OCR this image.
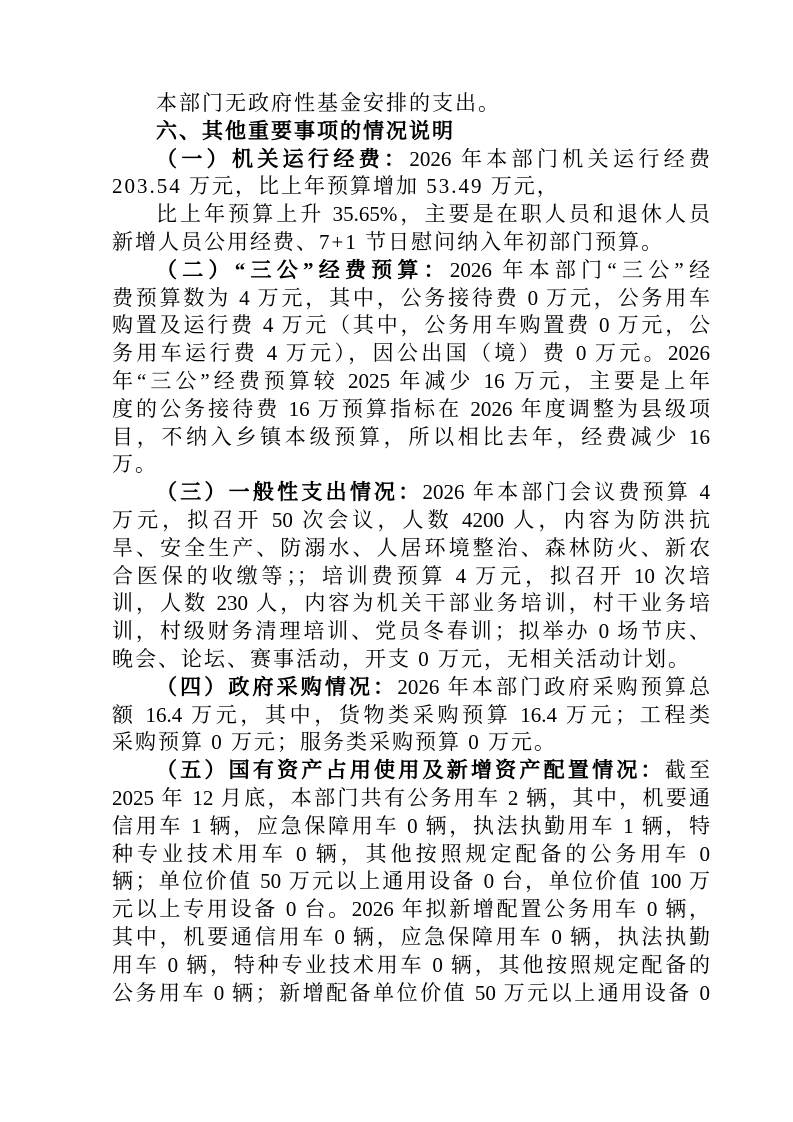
本部门无政府性基金安排的支出。
六、其他重要事项的情况说明
（一）机关运行经费：2026 年本部门机关运行经费
203.54 万元，比上年预算增加 53.49 万元，
比上年预算上升 35.65%，主要是在职人员和退休人员
新增人员公用经费、7+1 节日慰问纳入年初部门预算。
（二）“三公”经费预算：2026 年本部门“三公”经
费预算数为 4 万元，其中，公务接待费 0 万元，公务用车
购置及运行费 4 万元（其中，公务用车购置费 0 万元，公
务用车运行费 4 万元），因公出国（境）费 0 万元。2026
年“三公”经费预算较 2025 年减少 16 万元，主要是上年
度的公务接待费 16 万预算指标在 2026 年度调整为县级项
目，不纳入乡镇本级预算，所以相比去年，经费减少 16
万。
（三）一般性支出情况：2026 年本部门会议费预算 4
万元，拟召开 50 次会议，人数 4200 人，内容为防洪抗
旱、安全生产、防溺水、人居环境整治、森林防火、新农
合医保的收缴等；；培训费预算 4 万元，拟召开 10 次培
训，人数 230 人，内容为机关干部业务培训，村干业务培
训，村级财务清理培训、党员冬春训；拟举办 0 场节庆、
晚会、论坛、赛事活动，开支 0 万元，无相关活动计划。
（四）政府采购情况：2026 年本部门政府采购预算总
额 16.4 万元，其中，货物类采购预算 16.4 万元；工程类
采购预算 0 万元；服务类采购预算 0 万元。
（五）国有资产占用使用及新增资产配置情况：截至
2025 年 12 月底，本部门共有公务用车 2 辆，其中，机要通
信用车 1 辆，应急保障用车 0 辆，执法执勤用车 1 辆，特
种专业技术用车 0 辆，其他按照规定配备的公务用车 0
辆；单位价值 50 万元以上通用设备 0 台，单位价值 100 万
元以上专用设备 0 台。2026 年拟新增配置公务用车 0 辆，
其中，机要通信用车 0 辆，应急保障用车 0 辆，执法执勤
用车 0 辆，特种专业技术用车 0 辆，其他按照规定配备的
公务用车 0 辆；新增配备单位价值 50 万元以上通用设备 0
